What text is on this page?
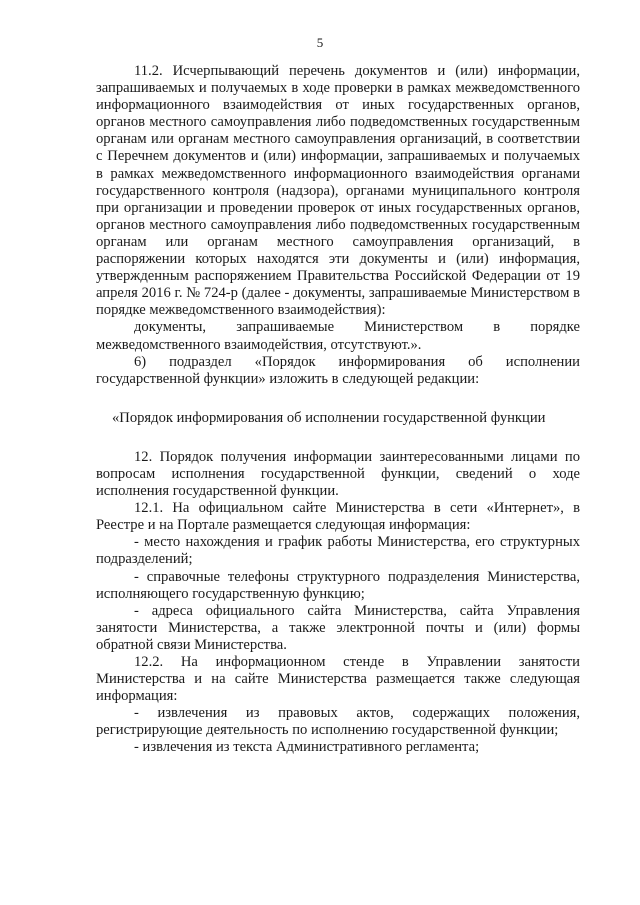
5

11.2. Исчерпывающий перечень документов и (или) информации, запрашиваемых и получаемых в ходе проверки в рамках межведомственного информационного взаимодействия от иных государственных органов, органов местного самоуправления либо подведомственных государственным органам или органам местного самоуправления организаций, в соответствии с Перечнем документов и (или) информации, запрашиваемых и получаемых в рамках межведомственного информационного взаимодействия органами государственного контроля (надзора), органами муниципального контроля при организации и проведении проверок от иных государственных органов, органов местного самоуправления либо подведомственных государственным органам или органам местного самоуправления организаций, в распоряжении которых находятся эти документы и (или) информация, утвержденным распоряжением Правительства Российской Федерации от 19 апреля 2016 г. № 724-р (далее - документы, запрашиваемые Министерством в порядке межведомственного взаимодействия):

документы, запрашиваемые Министерством в порядке межведомственного взаимодействия, отсутствуют.».

6) подраздел «Порядок информирования об исполнении государственной функции» изложить в следующей редакции:

«Порядок информирования об исполнении государственной функции

12. Порядок получения информации заинтересованными лицами по вопросам исполнения государственной функции, сведений о ходе исполнения государственной функции.

12.1. На официальном сайте Министерства в сети «Интернет», в Реестре и на Портале размещается следующая информация:

- место нахождения и график работы Министерства, его структурных подразделений;

- справочные телефоны структурного подразделения Министерства, исполняющего государственную функцию;

- адреса официального сайта Министерства, сайта Управления занятости Министерства, а также электронной почты и (или) формы обратной связи Министерства.

12.2. На информационном стенде в Управлении занятости Министерства и на сайте Министерства размещается также следующая информация:

- извлечения из правовых актов, содержащих положения, регистрирующие деятельность по исполнению государственной функции;

- извлечения из текста Административного регламента;
